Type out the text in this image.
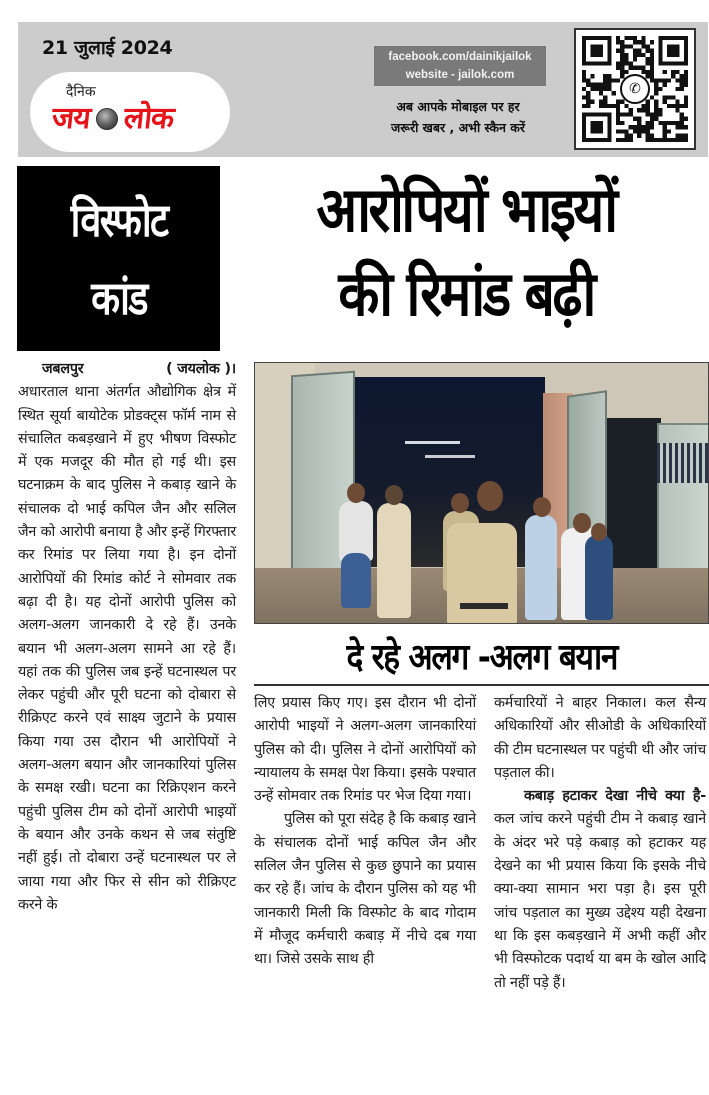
21 जुलाई 2024
दैनिक
जय लोक
facebook.com/dainikjailok
website - jailok.com
अब आपके मोबाइल पर हर
जरूरी खबर , अभी स्कैन करें
✆
विस्फोट
कांड
आरोपियों भाइयों
की रिमांड बढ़ी
जबलपुर	( जयलोक )।

अधारताल थाना अंतर्गत औद्योगिक क्षेत्र में स्थित सूर्या बायोटेक प्रोडक्ट्स फॉर्म नाम से संचालित कबड़खाने में हुए भीषण विस्फोट में एक मजदूर की मौत हो गई थी। इस घटनाक्रम के बाद पुलिस ने कबाड़ खाने के संचालक दो भाई कपिल जैन और सलिल जैन को आरोपी बनाया है और इन्हें गिरफ्तार कर रिमांड पर लिया गया है। इन दोनों आरोपियों की रिमांड कोर्ट ने सोमवार तक बढ़ा दी है। यह दोनों आरोपी पुलिस को अलग-अलग जानकारी दे रहे हैं। उनके बयान भी अलग-अलग सामने आ रहे हैं। यहां तक की पुलिस जब इन्हें घटनास्थल पर लेकर पहुंची और पूरी घटना को दोबारा से रीक्रिएट करने एवं साक्ष्य जुटाने के प्रयास किया गया उस दौरान भी आरोपियों ने अलग-अलग बयान और जानकारियां पुलिस के समक्ष रखी। घटना का रिक्रिएशन करने पहुंची पुलिस टीम को दोनों आरोपी भाइयों के बयान और उनके कथन से जब संतुष्टि नहीं हुई। तो दोबारा उन्हें घटनास्थल पर ले जाया गया और फिर से सीन को रीक्रिएट करने के

दे रहे अलग -अलग बयान

लिए प्रयास किए गए। इस दौरान भी दोनों आरोपी भाइयों ने अलग-अलग जानकारियां पुलिस को दी। पुलिस ने दोनों आरोपियों को न्यायालय के समक्ष पेश किया। इसके पश्चात उन्हें सोमवार तक रिमांड पर भेज दिया गया।

पुलिस को पूरा संदेह है कि कबाड़ खाने के संचालक दोनों भाई कपिल जैन और सलिल जैन पुलिस से कुछ छुपाने का प्रयास कर रहे हैं। जांच के दौरान पुलिस को यह भी जानकारी मिली कि विस्फोट के बाद गोदाम में मौजूद कर्मचारी कबाड़ में नीचे दब गया था। जिसे उसके साथ ही

कर्मचारियों ने बाहर निकाल। कल सैन्य अधिकारियों और सीओडी के अधिकारियों की टीम घटनास्थल पर पहुंची थी और जांच पड़ताल की।

कबाड़ हटाकर देखा नीचे क्या है- कल जांच करने पहुंची टीम ने कबाड़ खाने के अंदर भरे पड़े कबाड़ को हटाकर यह देखने का भी प्रयास किया कि इसके नीचे क्या-क्या सामान भरा पड़ा है। इस पूरी जांच पड़ताल का मुख्य उद्देश्य यही देखना था कि इस कबड़खाने में अभी कहीं और भी विस्फोटक पदार्थ या बम के खोल आदि तो नहीं पड़े हैं।
